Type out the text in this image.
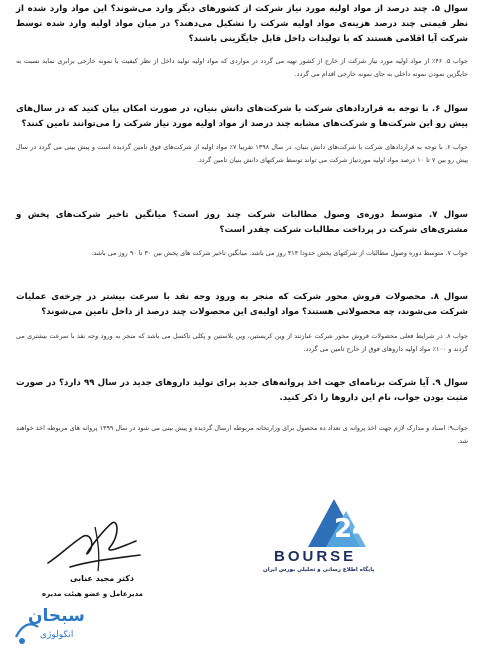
سوال ۵. چند درصد از مواد اولیه مورد نیاز شرکت از کشورهای دیگر وارد می‌شوند؟ این مواد وارد شده از نظر قیمتی چند درصد هزینه‌ی مواد اولیه شرکت را تشکیل می‌دهند؟ در میان مواد اولیه وارد شده توسط شرکت آیا اقلامی هستند که با تولیدات داخل قابل جایگزینی باشند؟
جواب ۵. ۴۶٪ از مواد اولیه مورد نیاز شرکت از خارج از کشور تهیه می گردد در مواردی که مواد اولیه تولید داخل از نظر کیفیت با نمونه خارجی برابری نماید نسبت به جایگزین نمودن نمونه داخلی به جای نمونه خارجی اقدام می گردد.
سوال ۶. با توجه به قراردادهای شرکت با شرکت‌های دانش بنیان، در صورت امکان بیان کنید که در سال‌های پیش رو این شرکت‌ها و شرکت‌های مشابه چند درصد از مواد اولیه مورد نیاز شرکت را می‌توانند تامین کنند؟
جواب ۶. با توجه به قراردادهای شرکت با شرکت‌های دانش بنیان، در سال ۱۳۹۸ تقریبا ۷٪ مواد اولیه از شرکت‌های فوق تامین گردیده است و پیش بینی می گردد در سال پیش رو بین ۷ تا ۱۰ درصد مواد اولیه موردنیاز شرکت می تواند توسط شرکتهای دانش بنیان تامین گردد.
سوال ۷. متوسط دوره‌ی وصول مطالبات شرکت چند روز است؟ میانگین تاخیر شرکت‌های پخش و مشتری‌های شرکت در پرداخت مطالبات شرکت چقدر است؟
جواب ۷. متوسط دوره وصول مطالبات از شرکتهای پخش حدودا ۴۱۴ روز می باشد. میانگین تاخیر شرکت های پخش بین ۳۰ تا ۹۰ روز می باشد.
سوال ۸. محصولات فروش محور شرکت که منجر به ورود وجه نقد با سرعت بیشتر در چرخه‌ی عملیات شرکت می‌شوند، چه محصولاتی هستند؟ مواد اولیه‌ی این محصولات چند درصد از داخل تامین می‌شوند؟
جواب ۸. در شرایط فعلی محصولات فروش محور شرکت عبارتند از وین کریستین، وین بلاستین و پکلی تاکسل می باشد که منجر به ورود وجه نقد با سرعت بیشتری می گردند و ۱۰۰٪ مواد اولیه داروهای فوق از خارج تامین می گردد.
سوال ۹. آیا شرکت برنامه‌ای جهت اخذ پروانه‌های جدید برای تولید داروهای جدید در سال ۹۹ دارد؟ در صورت مثبت بودن جواب، نام این داروها را ذکر کنید.
جواب۹: اسناد و مدارک لازم جهت اخذ پروانه ی تعداد ده محصول برای وزارتخانه مربوطه ارسال گردیده و پیش بینی می شود در سال ۱۳۹۹ پروانه های مربوطه اخذ خواهند شد.
دکتر مجید عنابی
مدیرعامل و عضو هیئت مدیره
24
BOURSE
پایگاه اطلاع رسانی و تحلیلی بورس ایران
سبحان
انکولوژی
